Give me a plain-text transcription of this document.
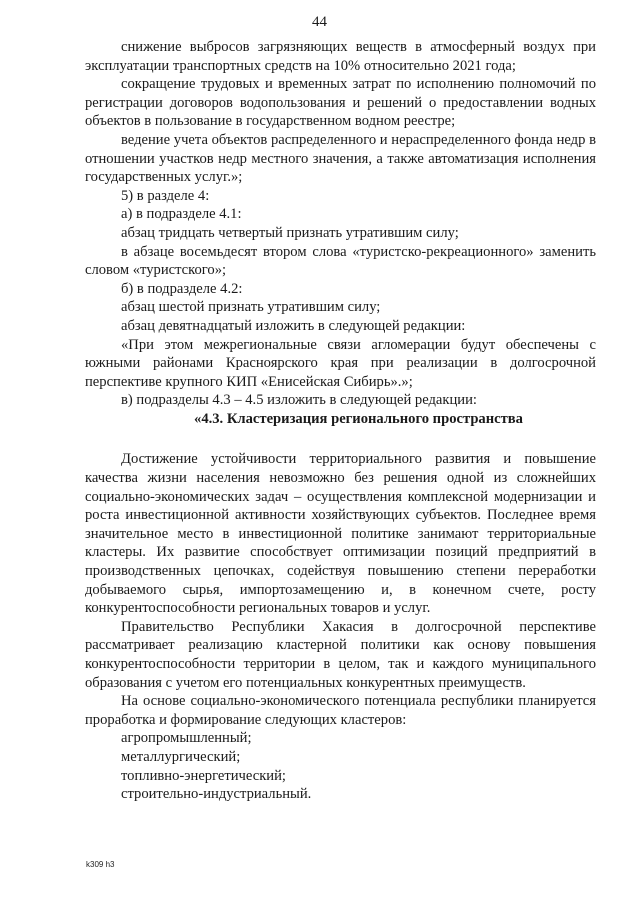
44

снижение выбросов загрязняющих веществ в атмосферный воздух при эксплуатации транспортных средств на 10% относительно 2021 года;

сокращение трудовых и временных затрат по исполнению полномочий по регистрации договоров водопользования и решений о предоставлении водных объектов в пользование в государственном водном реестре;

ведение учета объектов распределенного и нераспределенного фонда недр в отношении участков недр местного значения, а также автоматизация исполнения государственных услуг.»;

5) в разделе 4:

а) в подразделе 4.1:

абзац тридцать четвертый признать утратившим силу;

в абзаце восемьдесят втором слова «туристско-рекреационного» заменить словом «туристского»;

б) в подразделе 4.2:

абзац шестой признать утратившим силу;

абзац девятнадцатый изложить в следующей редакции:

«При этом межрегиональные связи агломерации будут обеспечены с южными районами Красноярского края при реализации в долгосрочной перспективе крупного КИП «Енисейская Сибирь».»;

в) подразделы 4.3 – 4.5 изложить в следующей редакции:

«4.3. Кластеризация регионального пространства

Достижение устойчивости территориального развития и повышение качества жизни населения невозможно без решения одной из сложнейших социально-экономических задач – осуществления комплексной модернизации и роста инвестиционной активности хозяйствующих субъектов. Последнее время значительное место в инвестиционной политике занимают территориальные кластеры. Их развитие способствует оптимизации позиций предприятий в производственных цепочках, содействуя повышению степени переработки добываемого сырья, импортозамещению и, в конечном счете, росту конкурентоспособности региональных товаров и услуг.

Правительство Республики Хакасия в долгосрочной перспективе рассматривает реализацию кластерной политики как основу повышения конкурентоспособности территории в целом, так и каждого муниципального образования с учетом его потенциальных конкурентных преимуществ.

На основе социально-экономического потенциала республики планируется проработка и формирование следующих кластеров:

агропромышленный;

металлургический;

топливно-энергетический;

строительно-индустриальный.

k309 h3
